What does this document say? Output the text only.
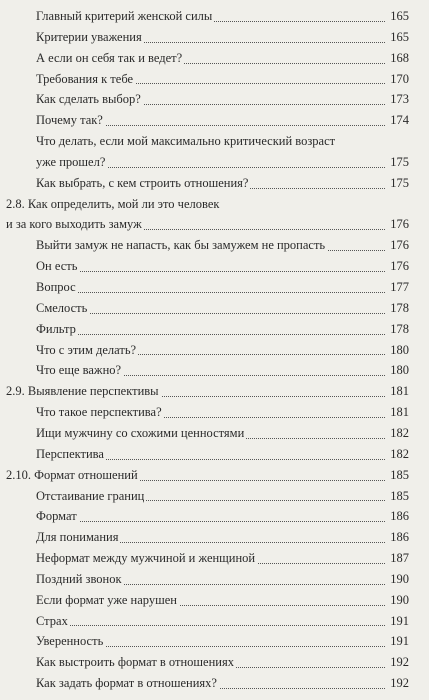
Главный критерий женской силы	165
Критерии уважения	165
А если он себя так и ведет?	168
Требования к тебе	170
Как сделать выбор?	173
Почему так?	174
Что делать, если мой максимально критический возраст
уже прошел?	175
Как выбрать, с кем строить отношения?	175
2.8. Как определить, мой ли это человек
и за кого выходить замуж	176
Выйти замуж не напасть, как бы замужем не пропасть	176
Он есть	176
Вопрос	177
Смелость	178
Фильтр	178
Что с этим делать?	180
Что еще важно?	180
2.9. Выявление перспективы	181
Что такое перспектива?	181
Ищи мужчину со схожими ценностями	182
Перспектива	182
2.10. Формат отношений	185
Отстаивание границ	185
Формат	186
Для понимания	186
Неформат между мужчиной и женщиной	187
Поздний звонок	190
Если формат уже нарушен	190
Страх	191
Уверенность	191
Как выстроить формат в отношениях	192
Как задать формат в отношениях?	192
